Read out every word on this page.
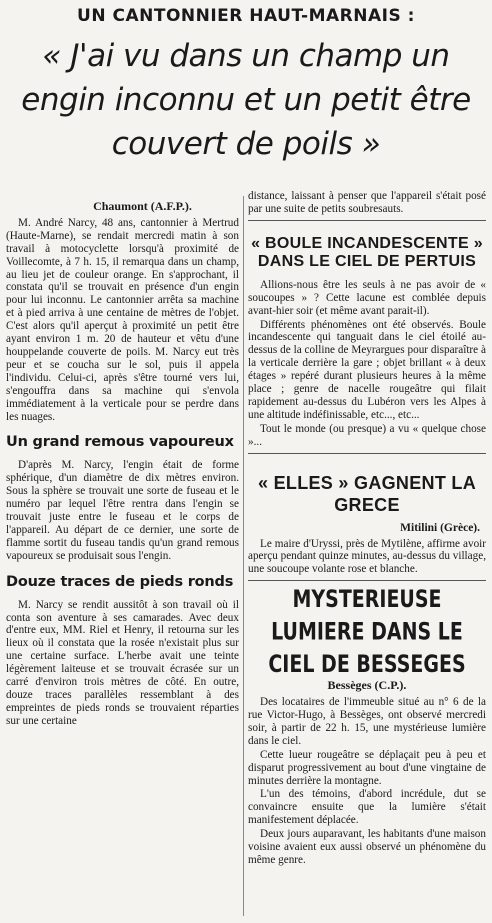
UN CANTONNIER HAUT-MARNAIS :
« J'ai vu dans un champ un engin inconnu et un petit être couvert de poils »
Chaumont (A.F.P.).

M. André Narcy, 48 ans, cantonnier à Mertrud (Haute-Marne), se rendait mercredi matin à son travail à motocyclette lorsqu'à proximité de Voillecomte, à 7 h. 15, il remarqua dans un champ, au lieu jet de couleur orange. En s'approchant, il constata qu'il se trouvait en présence d'un engin pour lui inconnu. Le cantonnier arrêta sa machine et à pied arriva à une centaine de mètres de l'objet. C'est alors qu'il aperçut à proximité un petit être ayant environ 1 m. 20 de hauteur et vêtu d'une houppelande couverte de poils. M. Narcy eut très peur et se coucha sur le sol, puis il appela l'individu. Celui-ci, après s'être tourné vers lui, s'engouffra dans sa machine qui s'envola immédiatement à la verticale pour se perdre dans les nuages.

Un grand remous vapoureux

D'après M. Narcy, l'engin était de forme sphérique, d'un diamètre de dix mètres environ. Sous la sphère se trouvait une sorte de fuseau et le numéro par lequel l'être rentra dans l'engin se trouvait juste entre le fuseau et le corps de l'appareil. Au départ de ce dernier, une sorte de flamme sortit du fuseau tandis qu'un grand remous vapoureux se produisait sous l'engin.

Douze traces de pieds ronds

M. Narcy se rendit aussitôt à son travail où il conta son aventure à ses camarades. Avec deux d'entre eux, MM. Riel et Henry, il retourna sur les lieux où il constata que la rosée n'existait plus sur une certaine surface. L'herbe avait une teinte légèrement laiteuse et se trouvait écrasée sur un carré d'environ trois mètres de côté. En outre, douze traces parallèles ressemblant à des empreintes de pieds ronds se trouvaient réparties sur une certaine

distance, laissant à penser que l'appareil s'était posé par une suite de petits soubresauts.

« BOULE INCANDESCENTE » DANS LE CIEL DE PERTUIS

Allions-nous être les seuls à ne pas avoir de « soucoupes » ? Cette lacune est comblée depuis avant-hier soir (et même avant parait-il).

Différents phénomènes ont été observés. Boule incandescente qui tanguait dans le ciel étoilé au-dessus de la colline de Meyrargues pour disparaître à la verticale derrière la gare ; objet brillant « à deux étages » repéré durant plusieurs heures à la même place ; genre de nacelle rougeâtre qui filait rapidement au-dessus du Lubéron vers les Alpes à une altitude indéfinissable, etc..., etc...

Tout le monde (ou presque) a vu « quelque chose »...

« ELLES » GAGNENT LA GRECE
Mitilini (Grèce).

Le maire d'Uryssi, près de Mytilène, affirme avoir aperçu pendant quinze minutes, au-dessus du village, une soucoupe volante rose et blanche.

MYSTERIEUSE LUMIERE DANS LE CIEL DE BESSEGES
Bessèges (C.P.).

Des locataires de l'immeuble situé au n° 6 de la rue Victor-Hugo, à Bessèges, ont observé mercredi soir, à partir de 22 h. 15, une mystérieuse lumière dans le ciel.

Cette lueur rougeâtre se déplaçait peu à peu et disparut progressivement au bout d'une vingtaine de minutes derrière la montagne.

L'un des témoins, d'abord incrédule, dut se convaincre ensuite que la lumière s'était manifestement déplacée.

Deux jours auparavant, les habitants d'une maison voisine avaient eux aussi observé un phénomène du même genre.
